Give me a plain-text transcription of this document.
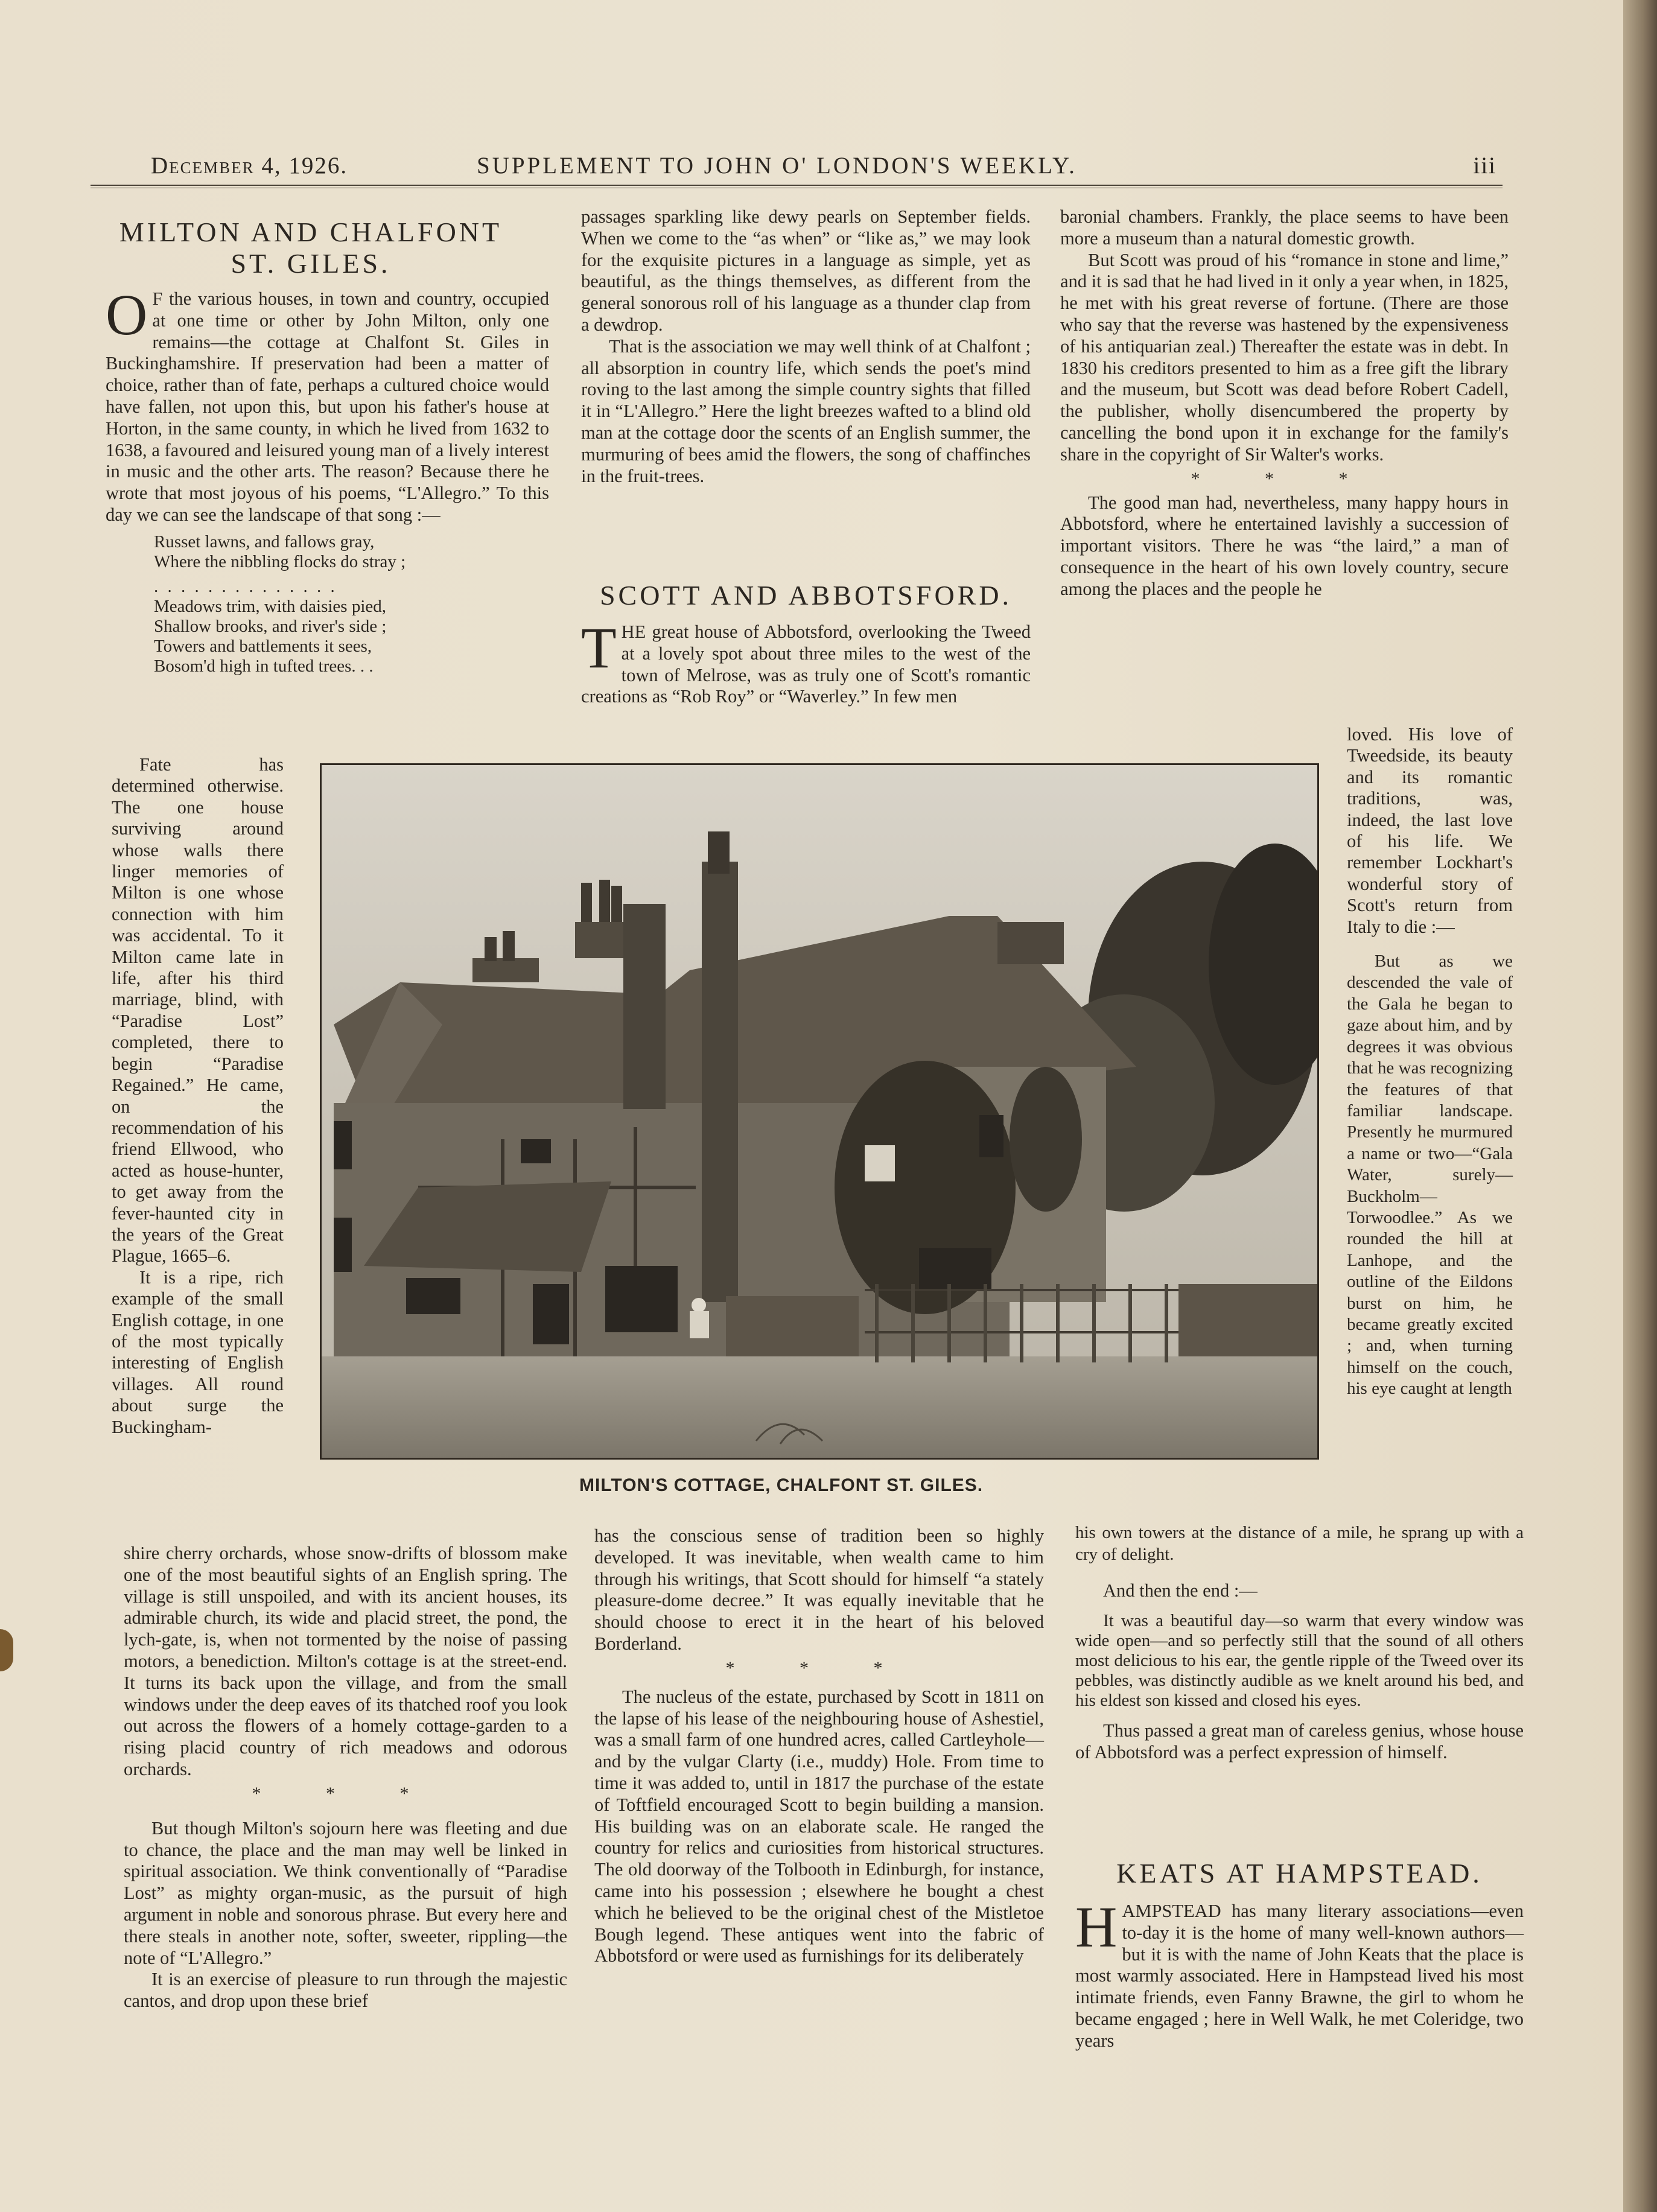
December 4, 1926.	SUPPLEMENT TO JOHN O' LONDON'S WEEKLY.	iii
MILTON AND CHALFONT
ST. GILES.

O F the various houses, in town and country, occupied at one time or other by John Milton, only one remains—the cottage at Chalfont St. Giles in Buckinghamshire. If preservation had been a matter of choice, rather than of fate, perhaps a cultured choice would have fallen, not upon this, but upon his father's house at Horton, in the same county, in which he lived from 1632 to 1638, a favoured and leisured young man of a lively interest in music and the other arts. The reason? Because there he wrote that most joyous of his poems, “L'Allegro.” To this day we can see the landscape of that song :—

Russet lawns, and fallows gray,
Where the nibbling flocks do stray ;
. . . . . . . . . . . . . .
Meadows trim, with daisies pied,
Shallow brooks, and river's side ;
Towers and battlements it sees,
Bosom'd high in tufted trees. . .

Fate has determined otherwise. The one house surviving around whose walls there linger memories of Milton is one whose connection with him was accidental. To it Milton came late in life, after his third marriage, blind, with “Paradise Lost” completed, there to begin “Paradise Regained.” He came, on the recommendation of his friend Ellwood, who acted as house-hunter, to get away from the fever-haunted city in the years of the Great Plague, 1665–6.

It is a ripe, rich example of the small English cottage, in one of the most typically interesting of English villages. All round about surge the Buckingham-

shire cherry orchards, whose snow-drifts of blossom make one of the most beautiful sights of an English spring. The village is still unspoiled, and with its ancient houses, its admirable church, its wide and placid street, the pond, the lych-gate, is, when not tormented by the noise of passing motors, a benediction. Milton's cottage is at the street-end. It turns its back upon the village, and from the small windows under the deep eaves of its thatched roof you look out across the flowers of a homely cottage-garden to a rising placid country of rich meadows and odorous orchards.

* * *

But though Milton's sojourn here was fleeting and due to chance, the place and the man may well be linked in spiritual association. We think conventionally of “Paradise Lost” as mighty organ-music, as the pursuit of high argument in noble and sonorous phrase. But every here and there steals in another note, softer, sweeter, rippling—the note of “L'Allegro.”

It is an exercise of pleasure to run through the majestic cantos, and drop upon these brief

passages sparkling like dewy pearls on September fields. When we come to the “as when” or “like as,” we may look for the exquisite pictures in a language as simple, yet as beautiful, as the things themselves, as different from the general sonorous roll of his language as a thunder clap from a dewdrop.

That is the association we may well think of at Chalfont ; all absorption in country life, which sends the poet's mind roving to the last among the simple country sights that filled it in “L'Allegro.” Here the light breezes wafted to a blind old man at the cottage door the scents of an English summer, the murmuring of bees amid the flowers, the song of chaffinches in the fruit-trees.

SCOTT AND ABBOTSFORD.

THE great house of Abbotsford, overlooking the Tweed at a lovely spot about three miles to the west of the town of Melrose, was as truly one of Scott's romantic creations as “Rob Roy” or “Waverley.” In few men

has the conscious sense of tradition been so highly developed. It was inevitable, when wealth came to him through his writings, that Scott should for himself “a stately pleasure-dome decree.” It was equally inevitable that he should choose to erect it in the heart of his beloved Borderland.

* * *

The nucleus of the estate, purchased by Scott in 1811 on the lapse of his lease of the neighbouring house of Ashestiel, was a small farm of one hundred acres, called Cartleyhole—and by the vulgar Clarty (i.e., muddy) Hole. From time to time it was added to, until in 1817 the purchase of the estate of Toftfield encouraged Scott to begin building a mansion. His building was on an elaborate scale. He ranged the country for relics and curiosities from historical structures. The old doorway of the Tolbooth in Edinburgh, for instance, came into his possession ; elsewhere he bought a chest which he believed to be the original chest of the Mistletoe Bough legend. These antiques went into the fabric of Abbotsford or were used as furnishings for its deliberately

baronial chambers. Frankly, the place seems to have been more a museum than a natural domestic growth.

But Scott was proud of his “romance in stone and lime,” and it is sad that he had lived in it only a year when, in 1825, he met with his great reverse of fortune. (There are those who say that the reverse was hastened by the expensiveness of his antiquarian zeal.) Thereafter the estate was in debt. In 1830 his creditors presented to him as a free gift the library and the museum, but Scott was dead before Robert Cadell, the publisher, wholly disencumbered the property by cancelling the bond upon it in exchange for the family's share in the copyright of Sir Walter's works.

* * *

The good man had, nevertheless, many happy hours in Abbotsford, where he entertained lavishly a succession of important visitors. There he was “the laird,” a man of consequence in the heart of his own lovely country, secure among the places and the people he

loved. His love of Tweedside, its beauty and its romantic traditions, was, indeed, the last love of his life. We remember Lockhart's wonderful story of Scott's return from Italy to die :—

But as we descended the vale of the Gala he began to gaze about him, and by degrees it was obvious that he was recognizing the features of that familiar landscape. Presently he murmured a name or two—“Gala Water, surely—Buckholm—Torwoodlee.” As we rounded the hill at Lanhope, and the outline of the Eildons burst on him, he became greatly excited ; and, when turning himself on the couch, his eye caught at length

his own towers at the distance of a mile, he sprang up with a cry of delight.

And then the end :—

It was a beautiful day—so warm that every window was wide open—and so perfectly still that the sound of all others most delicious to his ear, the gentle ripple of the Tweed over its pebbles, was distinctly audible as we knelt around his bed, and his eldest son kissed and closed his eyes.

Thus passed a great man of careless genius, whose house of Abbotsford was a perfect expression of himself.

KEATS AT HAMPSTEAD.

HAMPSTEAD has many literary associations—even to-day it is the home of many well-known authors—but it is with the name of John Keats that the place is most warmly associated. Here in Hampstead lived his most intimate friends, even Fanny Brawne, the girl to whom he became engaged ; here in Well Walk, he met Coleridge, two years

MILTON'S COTTAGE, CHALFONT ST. GILES.
